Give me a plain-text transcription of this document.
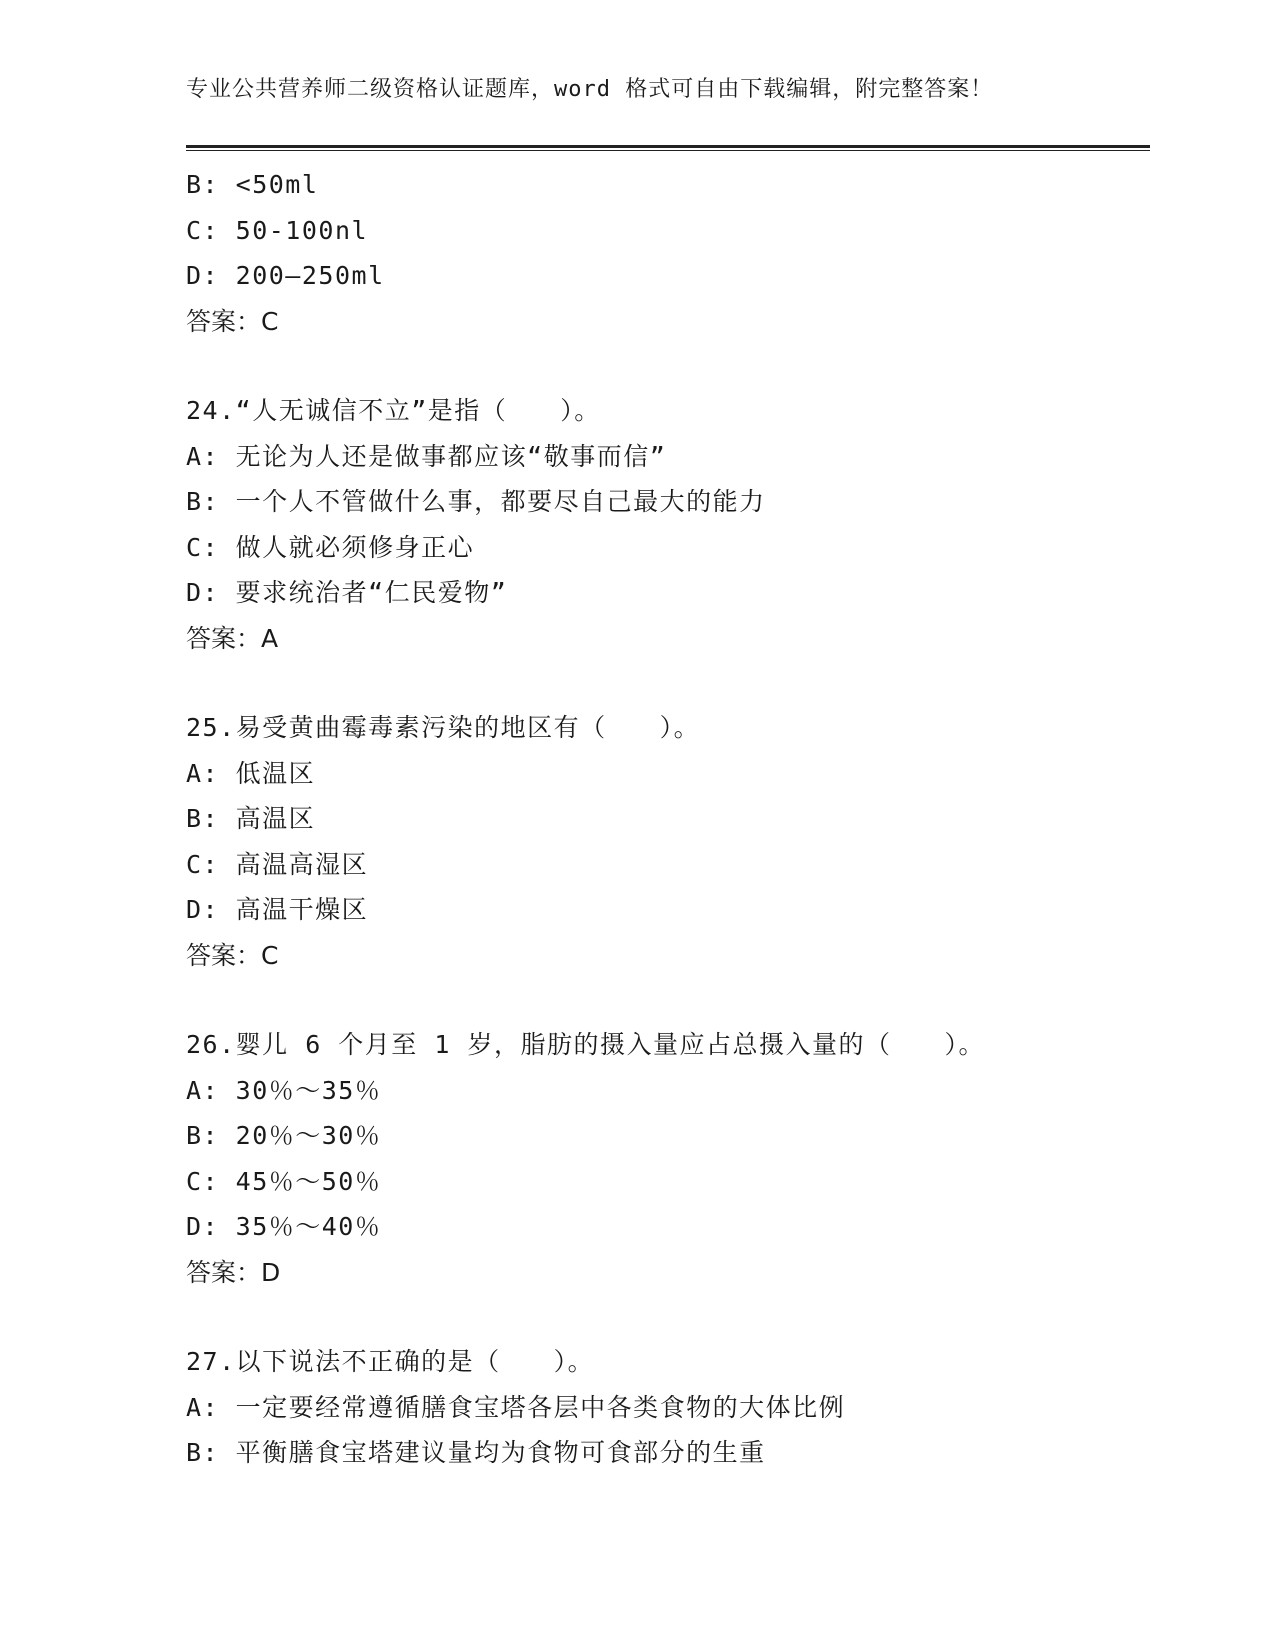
专业公共营养师二级资格认证题库，word 格式可自由下载编辑，附完整答案！
B: <50ml
C: 50-100nl
D: 200—250ml
答案：C
24.“人无诚信不立”是指（　　）。
A: 无论为人还是做事都应该“敬事而信”
B: 一个人不管做什么事，都要尽自己最大的能力
C: 做人就必须修身正心
D: 要求统治者“仁民爱物”
答案：A
25.易受黄曲霉毒素污染的地区有（　　）。
A: 低温区
B: 高温区
C: 高温高湿区
D: 高温干燥区
答案：C
26.婴儿 6 个月至 1 岁，脂肪的摄入量应占总摄入量的（　　）。
A: 30％～35％
B: 20％～30％
C: 45％～50％
D: 35％～40％
答案：D
27.以下说法不正确的是（　　）。
A: 一定要经常遵循膳食宝塔各层中各类食物的大体比例
B: 平衡膳食宝塔建议量均为食物可食部分的生重
